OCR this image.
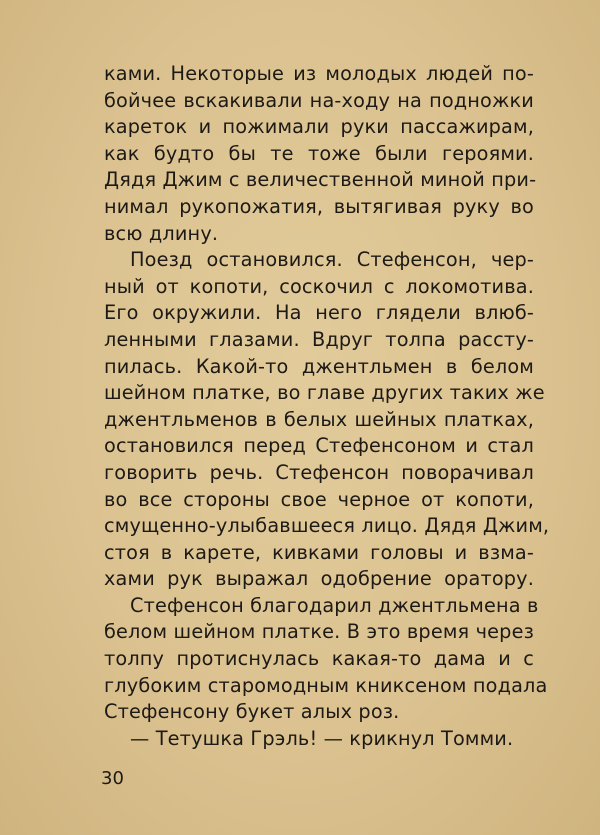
ками. Некоторые из молодых людей по-
бойчее вскакивали на-ходу на подножки
кареток и пожимали руки пассажирам,
как будто бы те тоже были героями.
Дядя Джим с величественной миной при-
нимал рукопожатия, вытягивая руку во
всю длину.
Поезд остановился. Стефенсон, чер-
ный от копоти, соскочил с локомотива.
Его окружили. На него глядели влюб-
ленными глазами. Вдруг толпа рассту-
пилась. Какой-то джентльмен в белом
шейном платке, во главе других таких же
джентльменов в белых шейных платках,
остановился перед Стефенсоном и стал
говорить речь. Стефенсон поворачивал
во все стороны свое черное от копоти,
смущенно-улыбавшееся лицо. Дядя Джим,
стоя в карете, кивками головы и взма-
хами рук выражал одобрение оратору.
Стефенсон благодарил джентльмена в
белом шейном платке. В это время через
толпу протиснулась какая-то дама и с
глубоким старомодным книксеном подала
Стефенсону букет алых роз.
— Тетушка Грэль! — крикнул Томми.
30
